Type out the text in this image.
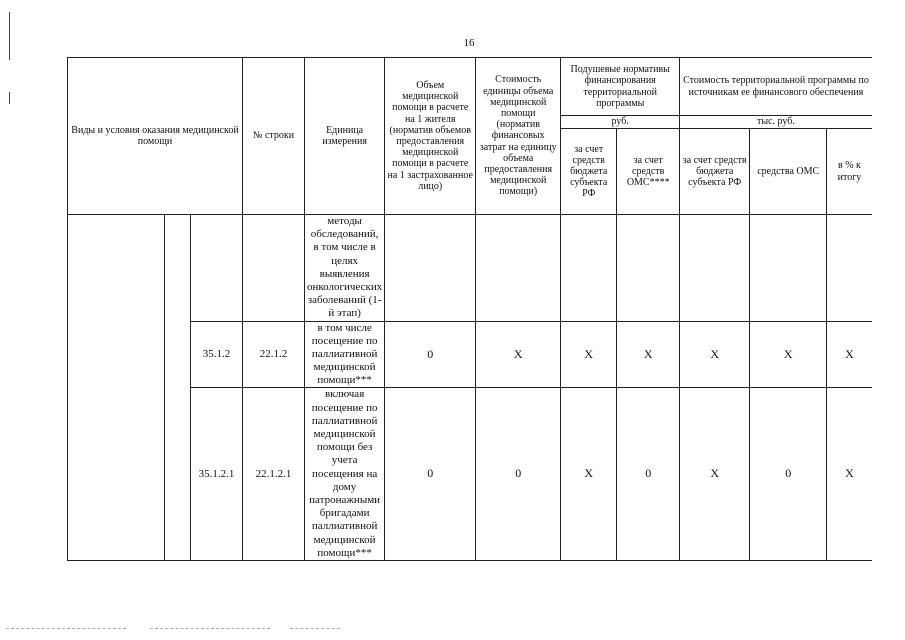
16
Виды и условия оказания медицинской помощи			№ строки	Единица измерения	Объем медицинской помощи в расчете на 1 жителя (норматив объемов предоставления медицинской помощи в расчете на 1 застрахованное лицо)	Стоимость единицы объема медицинской помощи (норматив финансовых затрат на единицу объема предоставления медицинской помощи)	Подушевые нормативы финансирования территориальной программы		Стоимость территориальной программы по источникам ее финансового обеспечения		
							руб.		тыс. руб.		
							за счет средств бюджета субъекта РФ	за счет средств ОМС****	за счет средств бюджета субъекта РФ	средства ОМС	в % к итогу
				методы обследований, в том числе в целях выявления онкологических заболеваний (1-й этап)							
		35.1.2	22.1.2	в том числе посещение по паллиативной медицинской помощи***	0	X	X	X	X	X	X
		35.1.2.1	22.1.2.1	включая посещение по паллиативной медицинской помощи без учета посещения на дому патронажными бригадами паллиативной медицинской помощи***	0	0	X	0	X	0	X
